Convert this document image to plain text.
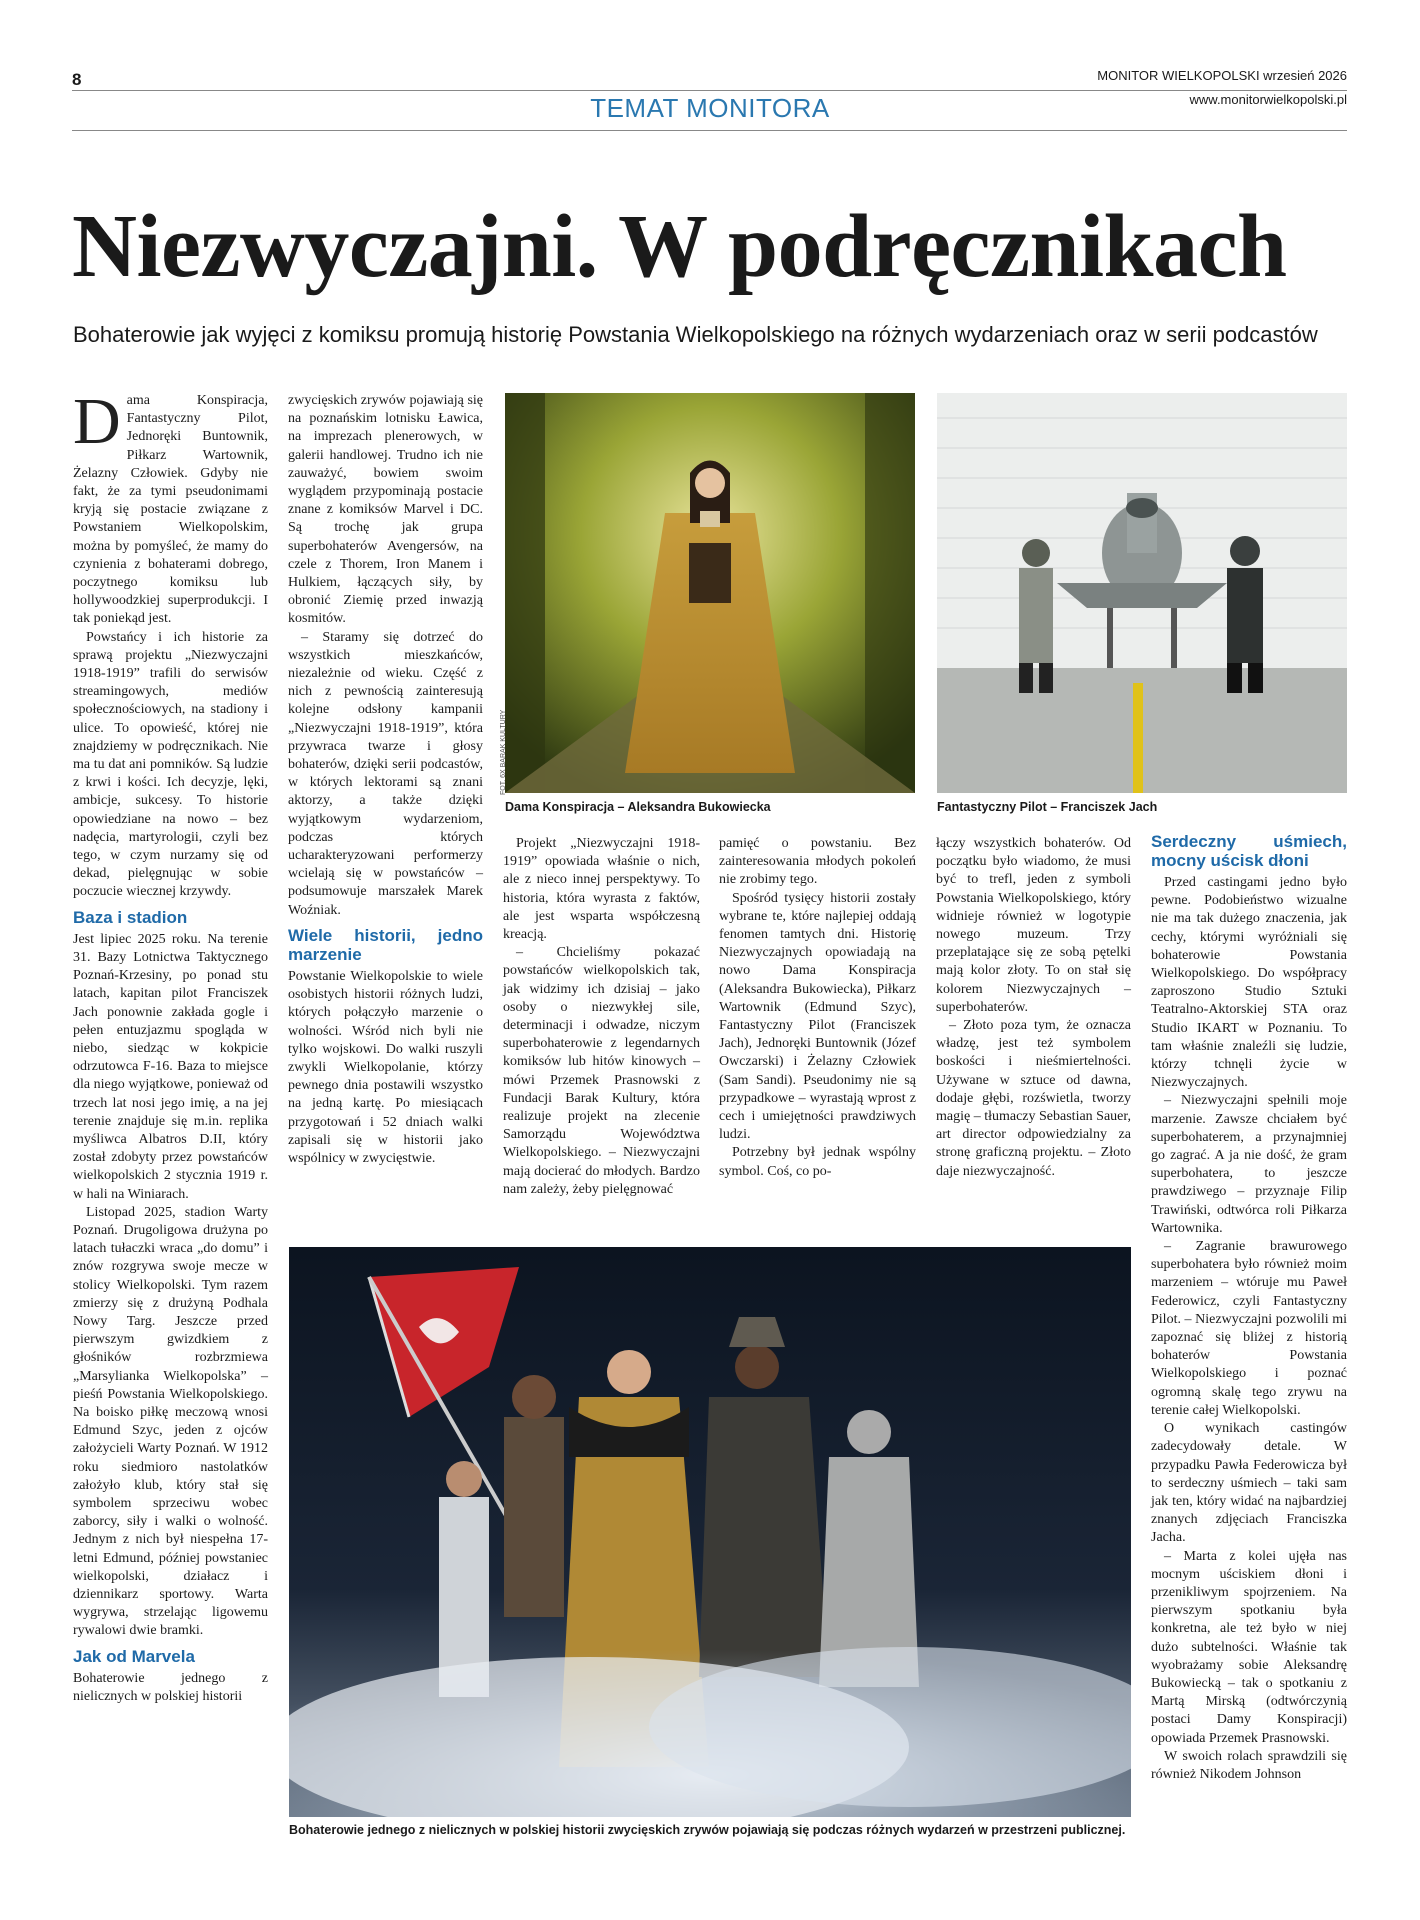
8	MONITOR WIELKOPOLSKI wrzesień 2026
www.monitorwielkopolski.pl
TEMAT MONITORA
Niezwyczajni. W podręcznikach
Bohaterowie jak wyjęci z komiksu promują historię Powstania Wielkopolskiego na różnych wydarzeniach oraz w serii podcastów
D ama Konspiracja, Fantastyczny Pilot, Jednoręki Buntownik, Piłkarz Wartownik, Żelazny Człowiek. Gdyby nie fakt, że za tymi pseudonimami kryją się postacie związane z Powstaniem Wielkopolskim, można by pomyśleć, że mamy do czynienia z bohaterami dobrego, poczytnego komiksu lub hollywoodzkiej superprodukcji. I tak poniekąd jest.

Powstańcy i ich historie za sprawą projektu „Niezwyczajni 1918-1919” trafili do serwisów streamingowych, mediów społecznościowych, na stadiony i ulice. To opowieść, której nie znajdziemy w podręcznikach. Nie ma tu dat ani pomników. Są ludzie z krwi i kości. Ich decyzje, lęki, ambicje, sukcesy. To historie opowiedziane na nowo – bez nadęcia, martyrologii, czyli bez tego, w czym nurzamy się od dekad, pielęgnując w sobie poczucie wiecznej krzywdy.

Baza i stadion

Jest lipiec 2025 roku. Na terenie 31. Bazy Lotnictwa Taktycznego Poznań-Krzesiny, po ponad stu latach, kapitan pilot Franciszek Jach ponownie zakłada gogle i pełen entuzjazmu spogląda w niebo, siedząc w kokpicie odrzutowca F-16. Baza to miejsce dla niego wyjątkowe, ponieważ od trzech lat nosi jego imię, a na jej terenie znajduje się m.in. replika myśliwca Albatros D.II, który został zdobyty przez powstańców wielkopolskich 2 stycznia 1919 r. w hali na Winiarach.

Listopad 2025, stadion Warty Poznań. Drugoligowa drużyna po latach tułaczki wraca „do domu” i znów rozgrywa swoje mecze w stolicy Wielkopolski. Tym razem zmierzy się z drużyną Podhala Nowy Targ. Jeszcze przed pierwszym gwizdkiem z głośników rozbrzmiewa „Marsylianka Wielkopolska” – pieśń Powstania Wielkopolskiego. Na boisko piłkę meczową wnosi Edmund Szyc, jeden z ojców założycieli Warty Poznań. W 1912 roku siedmioro nastolatków założyło klub, który stał się symbolem sprzeciwu wobec zaborcy, siły i walki o wolność. Jednym z nich był niespełna 17-letni Edmund, później powstaniec wielkopolski, działacz i dziennikarz sportowy. Warta wygrywa, strzelając ligowemu rywalowi dwie bramki.

Jak od Marvela

Bohaterowie jednego z nielicznych w polskiej historii

zwycięskich zrywów pojawiają się na poznańskim lotnisku Ławica, na imprezach plenerowych, w galerii handlowej. Trudno ich nie zauważyć, bowiem swoim wyglądem przypominają postacie znane z komiksów Marvel i DC. Są trochę jak grupa superbohaterów Avengersów, na czele z Thorem, Iron Manem i Hulkiem, łączących siły, by obronić Ziemię przed inwazją kosmitów.

– Staramy się dotrzeć do wszystkich mieszkańców, niezależnie od wieku. Część z nich z pewnością zainteresują kolejne odsłony kampanii „Niezwyczajni 1918-1919”, która przywraca twarze i głosy bohaterów, dzięki serii podcastów, w których lektorami są znani aktorzy, a także dzięki wyjątkowym wydarzeniom, podczas których ucharakteryzowani performerzy wcielają się w powstańców – podsumowuje marszałek Marek Woźniak.

Wiele historii, jedno marzenie

Powstanie Wielkopolskie to wiele osobistych historii różnych ludzi, których połączyło marzenie o wolności. Wśród nich byli nie tylko wojskowi. Do walki ruszyli zwykli Wielkopolanie, którzy pewnego dnia postawili wszystko na jedną kartę. Po miesiącach przygotowań i 52 dniach walki zapisali się w historii jako wspólnicy w zwycięstwie.

FOT. 6X BARAK KULTURY
Dama Konspiracja – Aleksandra Bukowiecka	Fantastyczny Pilot – Franciszek Jach

Projekt „Niezwyczajni 1918-1919” opowiada właśnie o nich, ale z nieco innej perspektywy. To historia, która wyrasta z faktów, ale jest wsparta współczesną kreacją.

– Chcieliśmy pokazać powstańców wielkopolskich tak, jak widzimy ich dzisiaj – jako osoby o niezwykłej sile, determinacji i odwadze, niczym superbohaterowie z legendarnych komiksów lub hitów kinowych – mówi Przemek Prasnowski z Fundacji Barak Kultury, która realizuje projekt na zlecenie Samorządu Województwa Wielkopolskiego. – Niezwyczajni mają docierać do młodych. Bardzo nam zależy, żeby pielęgnować

pamięć o powstaniu. Bez zainteresowania młodych pokoleń nie zrobimy tego.

Spośród tysięcy historii zostały wybrane te, które najlepiej oddają fenomen tamtych dni. Historię Niezwyczajnych opowiadają na nowo Dama Konspiracja (Aleksandra Bukowiecka), Piłkarz Wartownik (Edmund Szyc), Fantastyczny Pilot (Franciszek Jach), Jednoręki Buntownik (Józef Owczarski) i Żelazny Człowiek (Sam Sandi). Pseudonimy nie są przypadkowe – wyrastają wprost z cech i umiejętności prawdziwych ludzi.

Potrzebny był jednak wspólny symbol. Coś, co po-

łączy wszystkich bohaterów. Od początku było wiadomo, że musi być to trefl, jeden z symboli Powstania Wielkopolskiego, który widnieje również w logotypie nowego muzeum. Trzy przeplatające się ze sobą pętelki mają kolor złoty. To on stał się kolorem Niezwyczajnych – superbohaterów.

– Złoto poza tym, że oznacza władzę, jest też symbolem boskości i nieśmiertelności. Używane w sztuce od dawna, dodaje głębi, rozświetla, tworzy magię – tłumaczy Sebastian Sauer, art director odpowiedzialny za stronę graficzną projektu. – Złoto daje niezwyczajność.

Serdeczny uśmiech, mocny uścisk dłoni

Przed castingami jedno było pewne. Podobieństwo wizualne nie ma tak dużego znaczenia, jak cechy, którymi wyróżniali się bohaterowie Powstania Wielkopolskiego. Do współpracy zaproszono Studio Sztuki Teatralno-Aktorskiej STA oraz Studio IKART w Poznaniu. To tam właśnie znaleźli się ludzie, którzy tchnęli życie w Niezwyczajnych.

– Niezwyczajni spełnili moje marzenie. Zawsze chciałem być superbohaterem, a przynajmniej go zagrać. A ja nie dość, że gram superbohatera, to jeszcze prawdziwego – przyznaje Filip Trawiński, odtwórca roli Piłkarza Wartownika.

– Zagranie brawurowego superbohatera było również moim marzeniem – wtóruje mu Paweł Federowicz, czyli Fantastyczny Pilot. – Niezwyczajni pozwolili mi zapoznać się bliżej z historią bohaterów Powstania Wielkopolskiego i poznać ogromną skalę tego zrywu na terenie całej Wielkopolski.

O wynikach castingów zadecydowały detale. W przypadku Pawła Federowicza był to serdeczny uśmiech – taki sam jak ten, który widać na najbardziej znanych zdjęciach Franciszka Jacha.

– Marta z kolei ujęła nas mocnym uściskiem dłoni i przenikliwym spojrzeniem. Na pierwszym spotkaniu była konkretna, ale też było w niej dużo subtelności. Właśnie tak wyobrażamy sobie Aleksandrę Bukowiecką – tak o spotkaniu z Martą Mirską (odtwórczynią postaci Damy Konspiracji) opowiada Przemek Prasnowski.

W swoich rolach sprawdzili się również Nikodem Johnson

Bohaterowie jednego z nielicznych w polskiej historii zwycięskich zrywów pojawiają się podczas różnych wydarzeń w przestrzeni publicznej.
